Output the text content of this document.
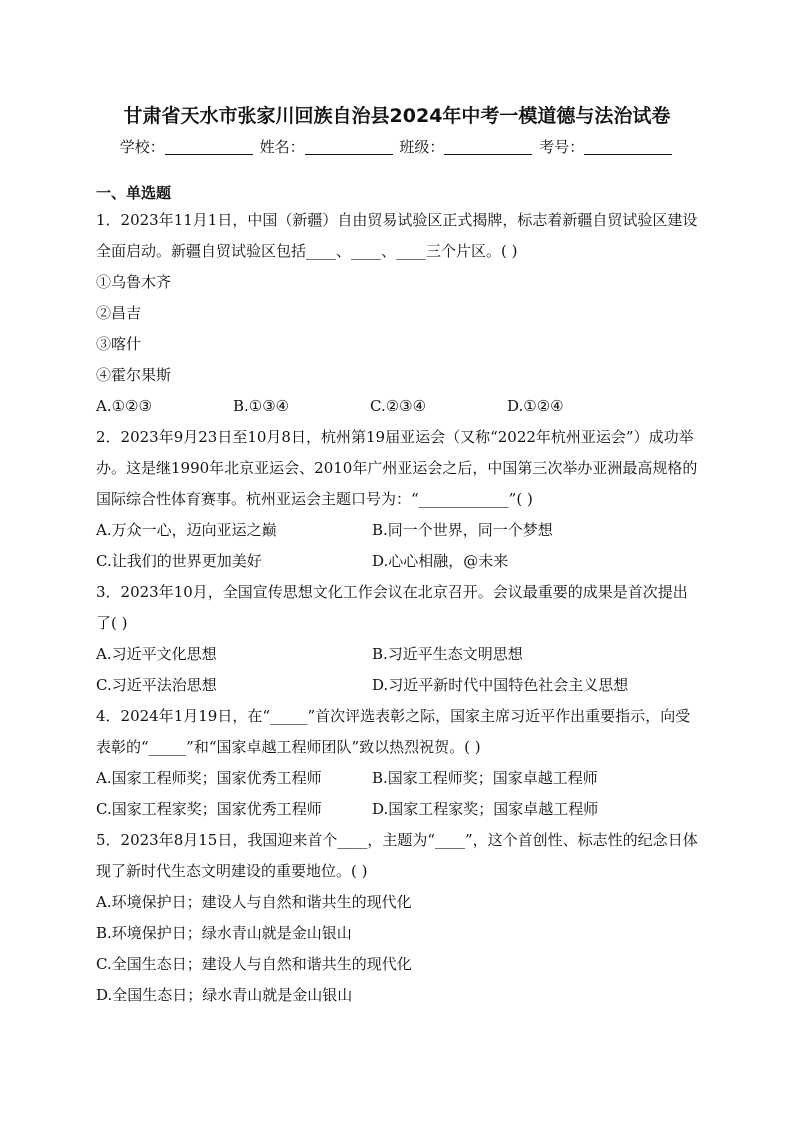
甘肃省天水市张家川回族自治县2024年中考一模道德与法治试卷
学校：	姓名：	班级：	考号：
一、单选题
1．2023年11月1日，中国（新疆）自由贸易试验区正式揭牌，标志着新疆自贸试验区建设全面启动。新疆自贸试验区包括____、____、____三个片区。( )
①乌鲁木齐
②昌吉
③喀什
④霍尔果斯
A.①②③	B.①③④	C.②③④	D.①②④
2．2023年9月23日至10月8日，杭州第19届亚运会（又称“2022年杭州亚运会”）成功举办。这是继1990年北京亚运会、2010年广州亚运会之后，中国第三次举办亚洲最高规格的国际综合性体育赛事。杭州亚运会主题口号为：“____________”( )
A.万众一心，迈向亚运之巅	B.同一个世界，同一个梦想
C.让我们的世界更加美好	D.心心相融，@未来
3．2023年10月，全国宣传思想文化工作会议在北京召开。会议最重要的成果是首次提出了( )
A.习近平文化思想	B.习近平生态文明思想
C.习近平法治思想	D.习近平新时代中国特色社会主义思想
4．2024年1月19日，在“_____”首次评选表彰之际，国家主席习近平作出重要指示，向受表彰的“_____”和“国家卓越工程师团队”致以热烈祝贺。( )
A.国家工程师奖；国家优秀工程师	B.国家工程师奖；国家卓越工程师
C.国家工程家奖；国家优秀工程师	D.国家工程家奖；国家卓越工程师
5．2023年8月15日，我国迎来首个____，主题为“____”，这个首创性、标志性的纪念日体现了新时代生态文明建设的重要地位。( )
A.环境保护日；建设人与自然和谐共生的现代化
B.环境保护日；绿水青山就是金山银山
C.全国生态日；建设人与自然和谐共生的现代化
D.全国生态日；绿水青山就是金山银山
